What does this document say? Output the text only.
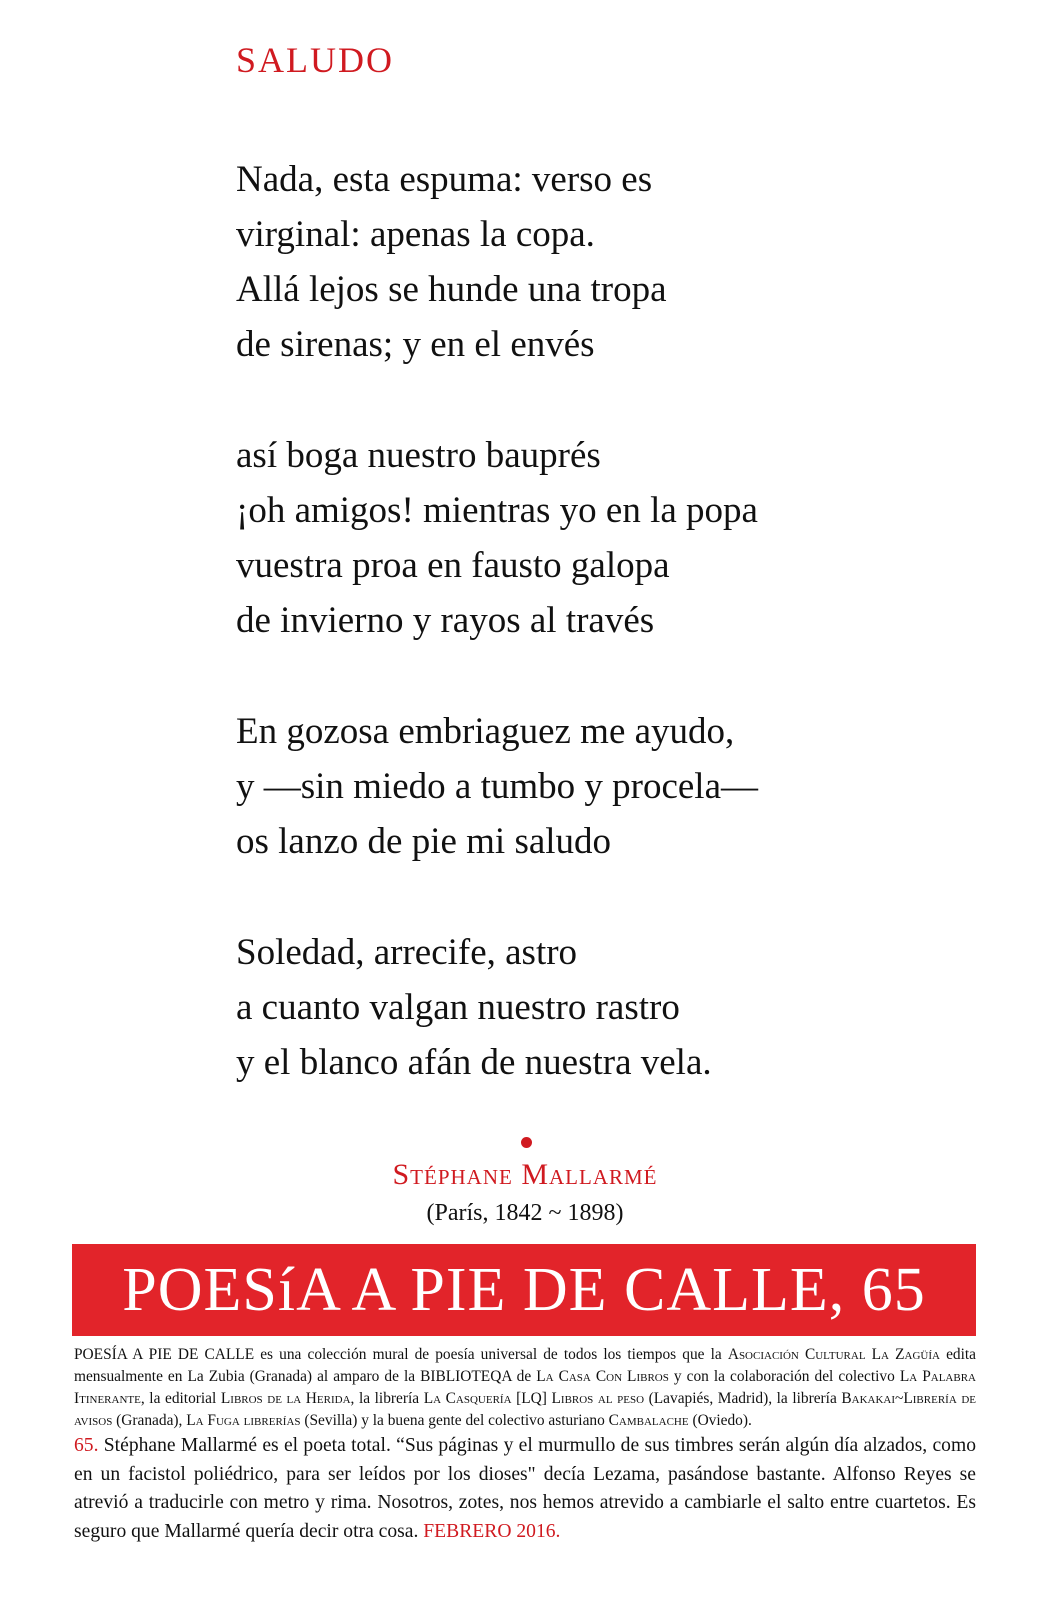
SALUDO
Nada, esta espuma: verso es
virginal: apenas la copa.
Allá lejos se hunde una tropa
de sirenas; y en el envés
así boga nuestro bauprés
¡oh amigos! mientras yo en la popa
vuestra proa en fausto galopa
de invierno y rayos al través
En gozosa embriaguez me ayudo,
y —sin miedo a tumbo y procela—
os lanzo de pie mi saludo
Soledad, arrecife, astro
a cuanto valgan nuestro rastro
y el blanco afán de nuestra vela.
Stéphane Mallarmé
(París, 1842 ~ 1898)
POESíA A PIE DE CALLE, 65

POESÍA A PIE DE CALLE es una colección mural de poesía universal de todos los tiempos que la Asociación Cultural La Zagüía edita mensualmente en La Zubia (Granada) al amparo de la BIBLIOTEQA de La Casa Con Libros y con la colaboración del colectivo La Palabra Itinerante, la editorial Libros de la Herida, la librería La Casquería [LQ] Libros al peso (Lavapiés, Madrid), la librería Bakakai~Librería de avisos (Granada), La Fuga librerías (Sevilla) y la buena gente del colectivo asturiano Cambalache (Oviedo).

65. Stéphane Mallarmé es el poeta total. “Sus páginas y el murmullo de sus timbres serán algún día alzados, como en un facistol poliédrico, para ser leídos por los dioses" decía Lezama, pasándose bastante. Alfonso Reyes se atrevió a traducirle con metro y rima. Nosotros, zotes, nos hemos atrevido a cambiarle el salto entre cuartetos. Es seguro que Mallarmé quería decir otra cosa. FEBRERO 2016.
